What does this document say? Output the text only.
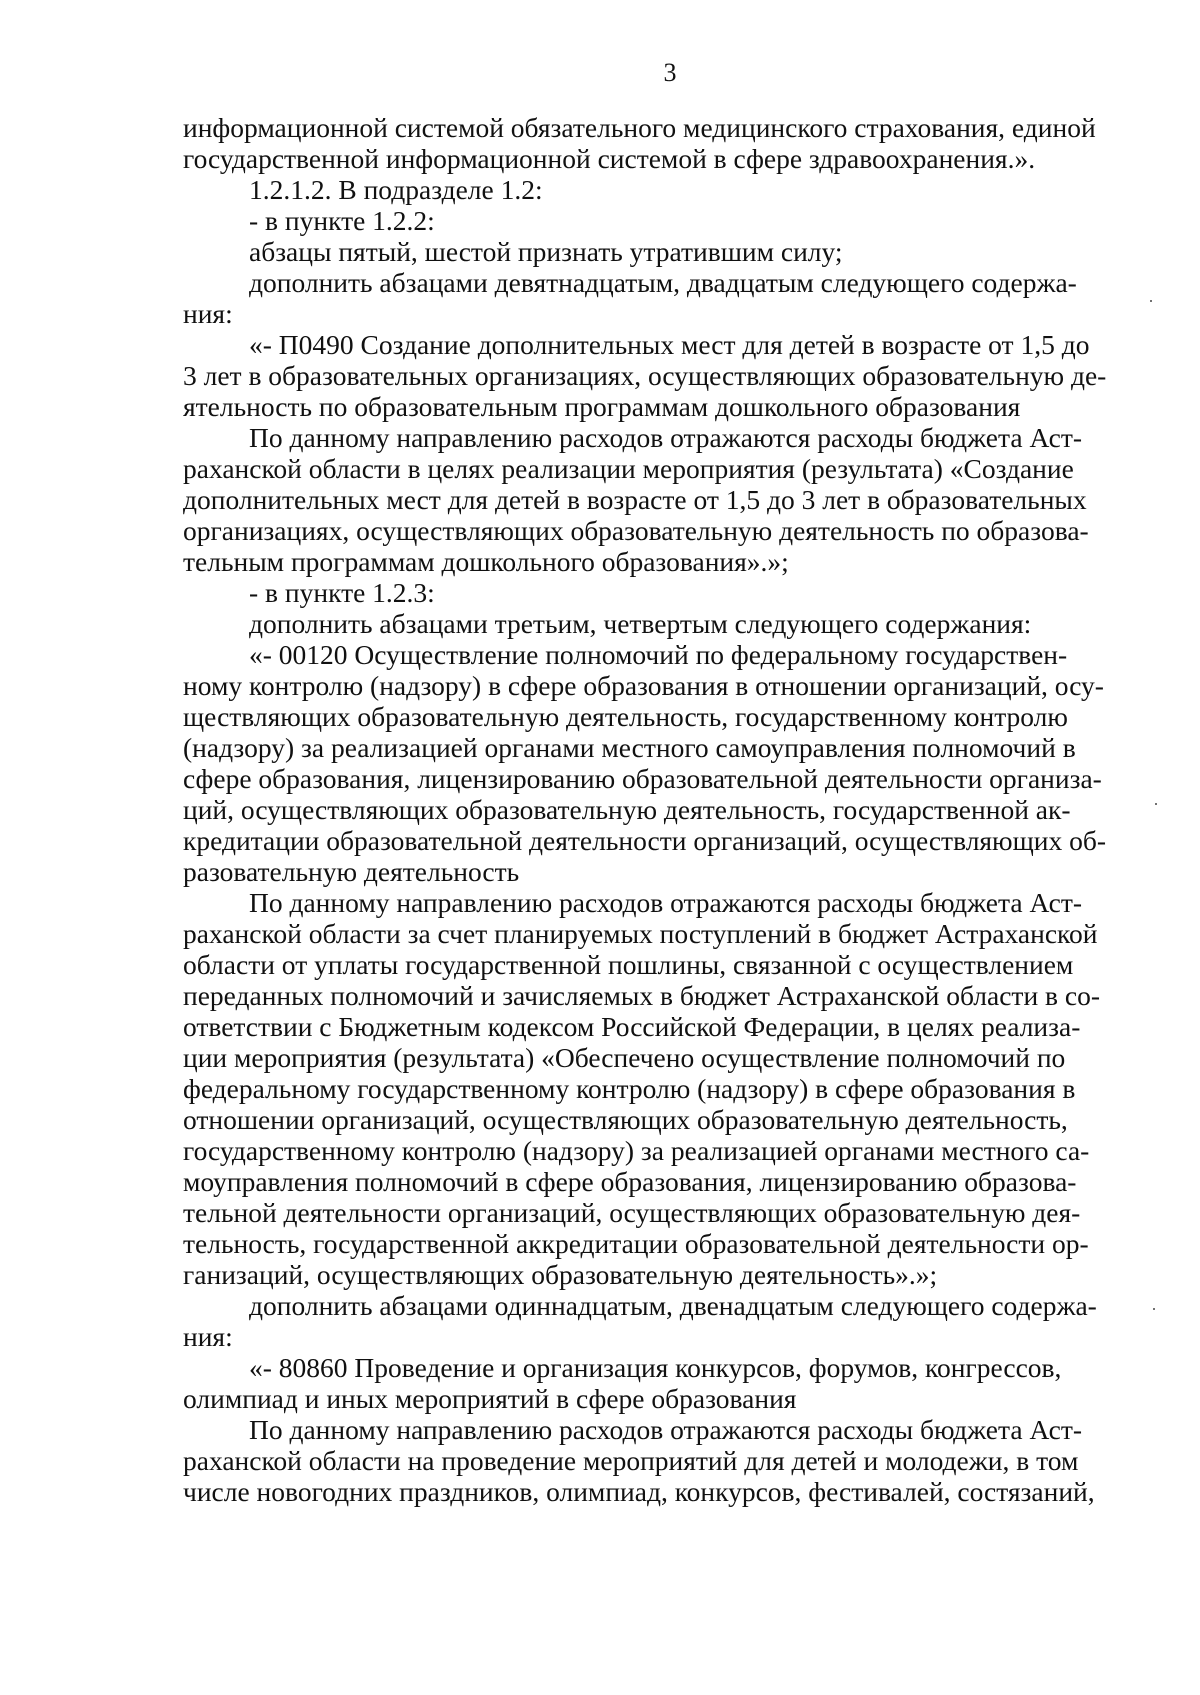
3
информационной системой обязательного медицинского страхования, единой
государственной информационной системой в сфере здравоохранения.».
1.2.1.2. В подразделе 1.2:
- в пункте 1.2.2:
абзацы пятый, шестой признать утратившим силу;
дополнить абзацами девятнадцатым, двадцатым следующего содержа-
ния:
«- П0490 Создание дополнительных мест для детей в возрасте от 1,5 до
3 лет в образовательных организациях, осуществляющих образовательную де-
ятельность по образовательным программам дошкольного образования
По данному направлению расходов отражаются расходы бюджета Аст-
раханской области в целях реализации мероприятия (результата) «Создание
дополнительных мест для детей в возрасте от 1,5 до 3 лет в образовательных
организациях, осуществляющих образовательную деятельность по образова-
тельным программам дошкольного образования».»;
- в пункте 1.2.3:
дополнить абзацами третьим, четвертым следующего содержания:
«- 00120 Осуществление полномочий по федеральному государствен-
ному контролю (надзору) в сфере образования в отношении организаций, осу-
ществляющих образовательную деятельность, государственному контролю
(надзору) за реализацией органами местного самоуправления полномочий в
сфере образования, лицензированию образовательной деятельности организа-
ций, осуществляющих образовательную деятельность, государственной ак-
кредитации образовательной деятельности организаций, осуществляющих об-
разовательную деятельность
По данному направлению расходов отражаются расходы бюджета Аст-
раханской области за счет планируемых поступлений в бюджет Астраханской
области от уплаты государственной пошлины, связанной с осуществлением
переданных полномочий и зачисляемых в бюджет Астраханской области в со-
ответствии с Бюджетным кодексом Российской Федерации, в целях реализа-
ции мероприятия (результата) «Обеспечено осуществление полномочий по
федеральному государственному контролю (надзору) в сфере образования в
отношении организаций, осуществляющих образовательную деятельность,
государственному контролю (надзору) за реализацией органами местного са-
моуправления полномочий в сфере образования, лицензированию образова-
тельной деятельности организаций, осуществляющих образовательную дея-
тельность, государственной аккредитации образовательной деятельности ор-
ганизаций, осуществляющих образовательную деятельность».»;
дополнить абзацами одиннадцатым, двенадцатым следующего содержа-
ния:
«- 80860 Проведение и организация конкурсов, форумов, конгрессов,
олимпиад и иных мероприятий в сфере образования
По данному направлению расходов отражаются расходы бюджета Аст-
раханской области на проведение мероприятий для детей и молодежи, в том
числе новогодних праздников, олимпиад, конкурсов, фестивалей, состязаний,
